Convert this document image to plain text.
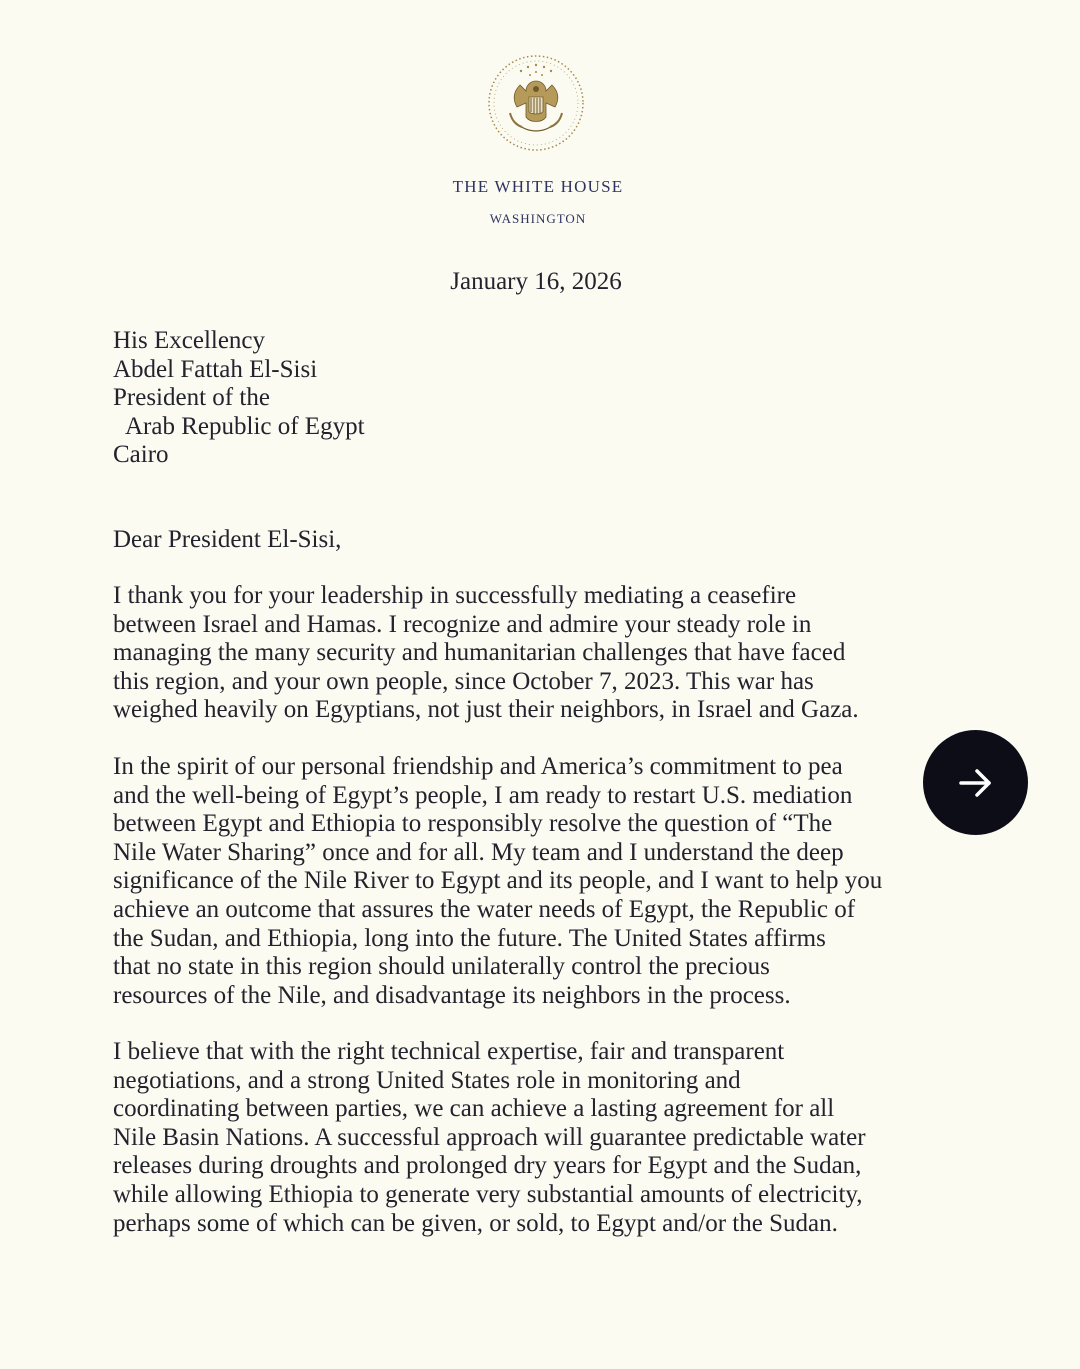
THE WHITE HOUSE
WASHINGTON
January 16, 2026
His Excellency
Abdel Fattah El-Sisi
President of the
Arab Republic of Egypt
Cairo
Dear President El-Sisi,
I thank you for your leadership in successfully mediating a ceasefire
between Israel and Hamas. I recognize and admire your steady role in
managing the many security and humanitarian challenges that have faced
this region, and your own people, since October 7, 2023. This war has
weighed heavily on Egyptians, not just their neighbors, in Israel and Gaza.
In the spirit of our personal friendship and America’s commitment to pea
and the well-being of Egypt’s people, I am ready to restart U.S. mediation
between Egypt and Ethiopia to responsibly resolve the question of “The
Nile Water Sharing” once and for all. My team and I understand the deep
significance of the Nile River to Egypt and its people, and I want to help you
achieve an outcome that assures the water needs of Egypt, the Republic of
the Sudan, and Ethiopia, long into the future. The United States affirms
that no state in this region should unilaterally control the precious
resources of the Nile, and disadvantage its neighbors in the process.
I believe that with the right technical expertise, fair and transparent
negotiations, and a strong United States role in monitoring and
coordinating between parties, we can achieve a lasting agreement for all
Nile Basin Nations. A successful approach will guarantee predictable water
releases during droughts and prolonged dry years for Egypt and the Sudan,
while allowing Ethiopia to generate very substantial amounts of electricity,
perhaps some of which can be given, or sold, to Egypt and/or the Sudan.
